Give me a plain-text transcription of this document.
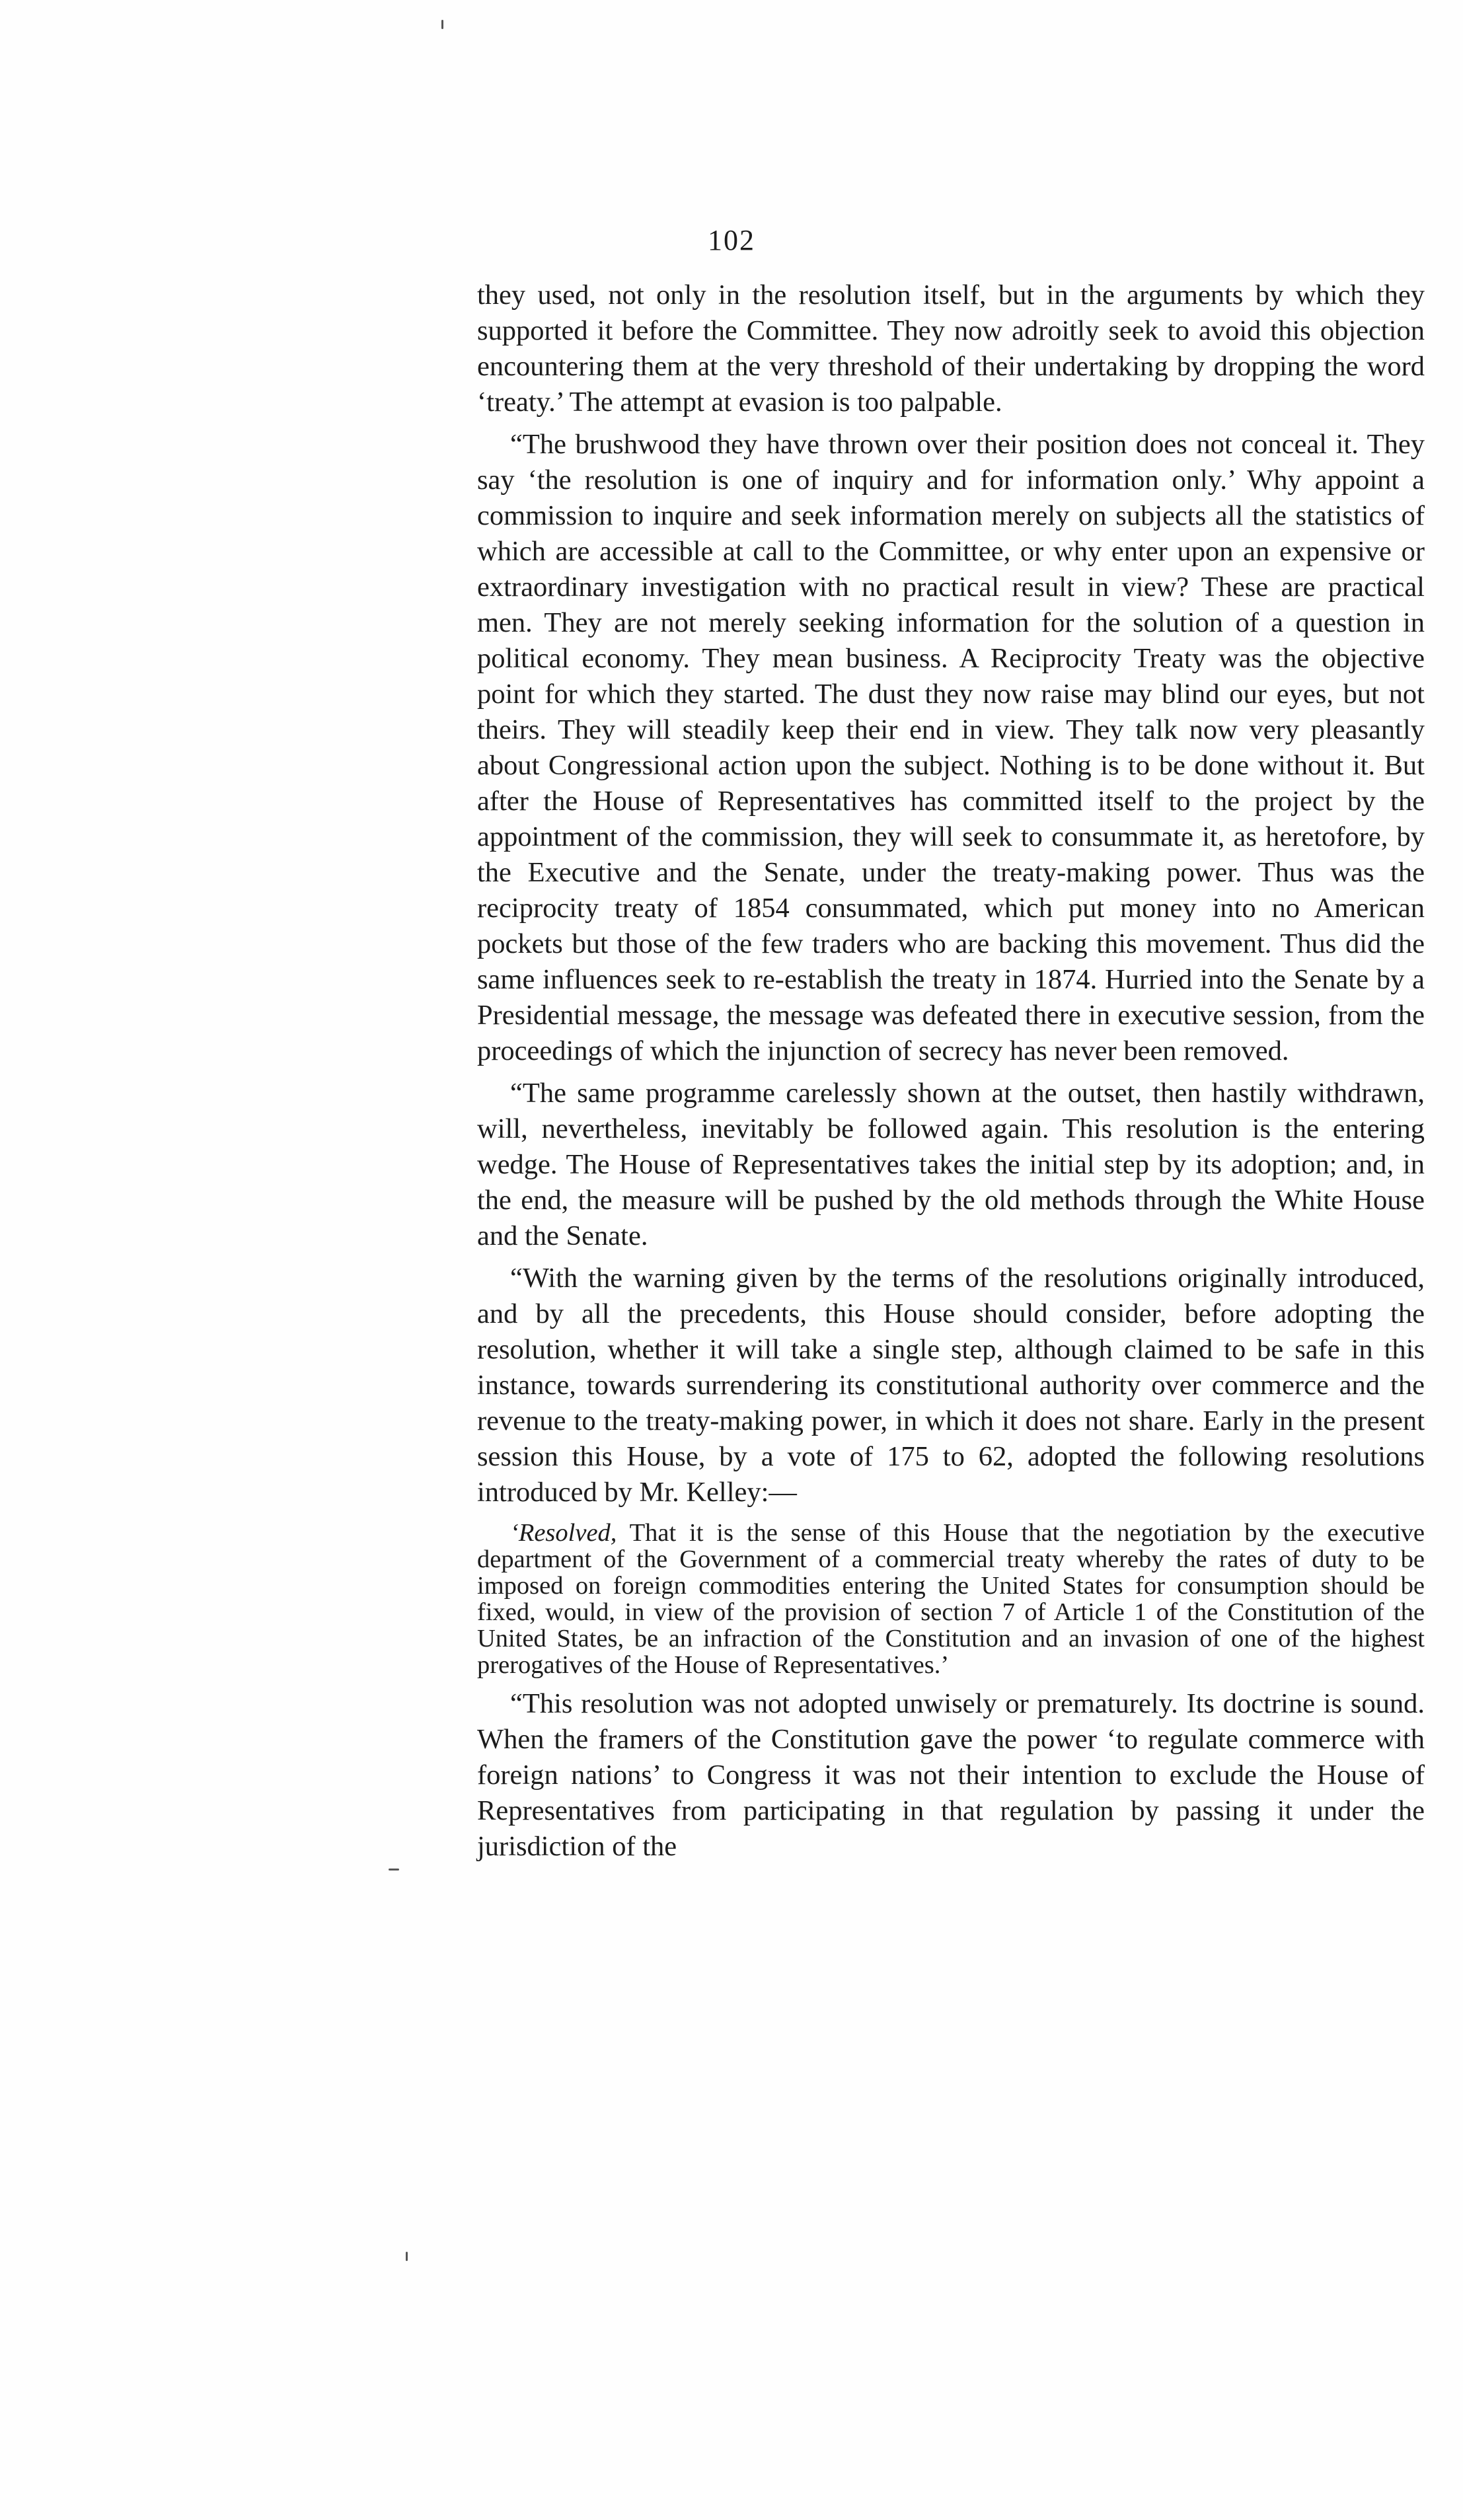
102

they used, not only in the resolution itself, but in the arguments by which they supported it before the Committee. They now adroitly seek to avoid this objection encountering them at the very threshold of their undertaking by dropping the word ‘treaty.’ The attempt at evasion is too palpable.

“The brushwood they have thrown over their position does not conceal it. They say ‘the resolution is one of inquiry and for information only.’ Why appoint a commission to inquire and seek information merely on subjects all the statistics of which are accessible at call to the Committee, or why enter upon an expensive or extraordinary investigation with no practical result in view? These are practical men. They are not merely seeking information for the solution of a question in political economy. They mean business. A Reciprocity Treaty was the objective point for which they started. The dust they now raise may blind our eyes, but not theirs. They will steadily keep their end in view. They talk now very pleasantly about Congressional action upon the subject. Nothing is to be done without it. But after the House of Representatives has committed itself to the project by the appointment of the commission, they will seek to consummate it, as heretofore, by the Executive and the Senate, under the treaty-making power. Thus was the reciprocity treaty of 1854 consummated, which put money into no American pockets but those of the few traders who are backing this movement. Thus did the same influences seek to re-establish the treaty in 1874. Hurried into the Senate by a Presidential message, the message was defeated there in executive session, from the proceedings of which the injunction of secrecy has never been removed.

“The same programme carelessly shown at the outset, then hastily withdrawn, will, nevertheless, inevitably be followed again. This resolution is the entering wedge. The House of Representatives takes the initial step by its adoption; and, in the end, the measure will be pushed by the old methods through the White House and the Senate.

“With the warning given by the terms of the resolutions originally introduced, and by all the precedents, this House should consider, before adopting the resolution, whether it will take a single step, although claimed to be safe in this instance, towards surrendering its constitutional authority over commerce and the revenue to the treaty-making power, in which it does not share. Early in the present session this House, by a vote of 175 to 62, adopted the following resolutions introduced by Mr. Kelley:—

‘Resolved, That it is the sense of this House that the negotiation by the executive department of the Government of a commercial treaty whereby the rates of duty to be imposed on foreign commodities entering the United States for consumption should be fixed, would, in view of the provision of section 7 of Article 1 of the Constitution of the United States, be an infraction of the Constitution and an invasion of one of the highest prerogatives of the House of Representatives.’

“This resolution was not adopted unwisely or prematurely. Its doctrine is sound. When the framers of the Constitution gave the power ‘to regulate commerce with foreign nations’ to Congress it was not their intention to exclude the House of Representatives from participating in that regulation by passing it under the jurisdiction of the
